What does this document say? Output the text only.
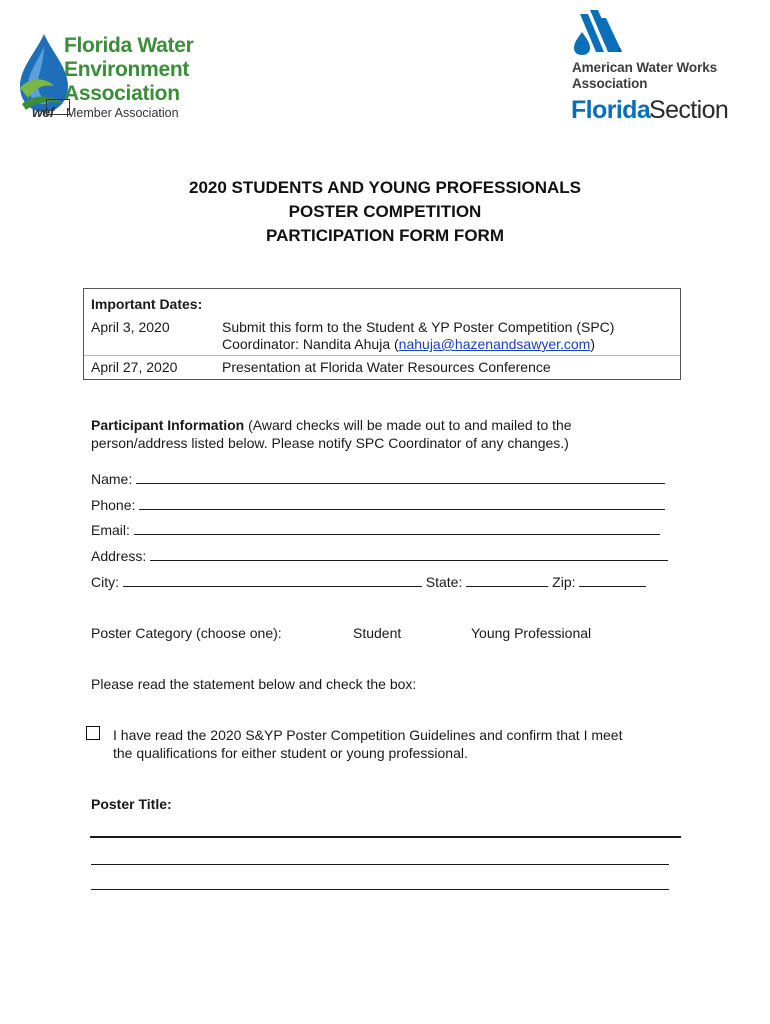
Florida Water
Environment
Association
wef Member Association
®
American Water Works
Association
Florida
Section
2020 STUDENTS AND YOUNG PROFESSIONALS
POSTER COMPETITION
PARTICIPATION FORM FORM
Important Dates:
April 3, 2020	Submit this form to the Student & YP Poster Competition (SPC)
Coordinator: Nandita Ahuja (nahuja@hazenandsawyer.com)
April 27, 2020	Presentation at Florida Water Resources Conference
Participant Information (Award checks will be made out to and mailed to the
person/address listed below. Please notify SPC Coordinator of any changes.)
Name:
Phone:
Email:
Address:
City:	State:	Zip:
Poster Category (choose one):	Student	Young Professional
Please read the statement below and check the box:
I have read the 2020 S&YP Poster Competition Guidelines and confirm that I meet
the qualifications for either student or young professional.
Poster Title:
